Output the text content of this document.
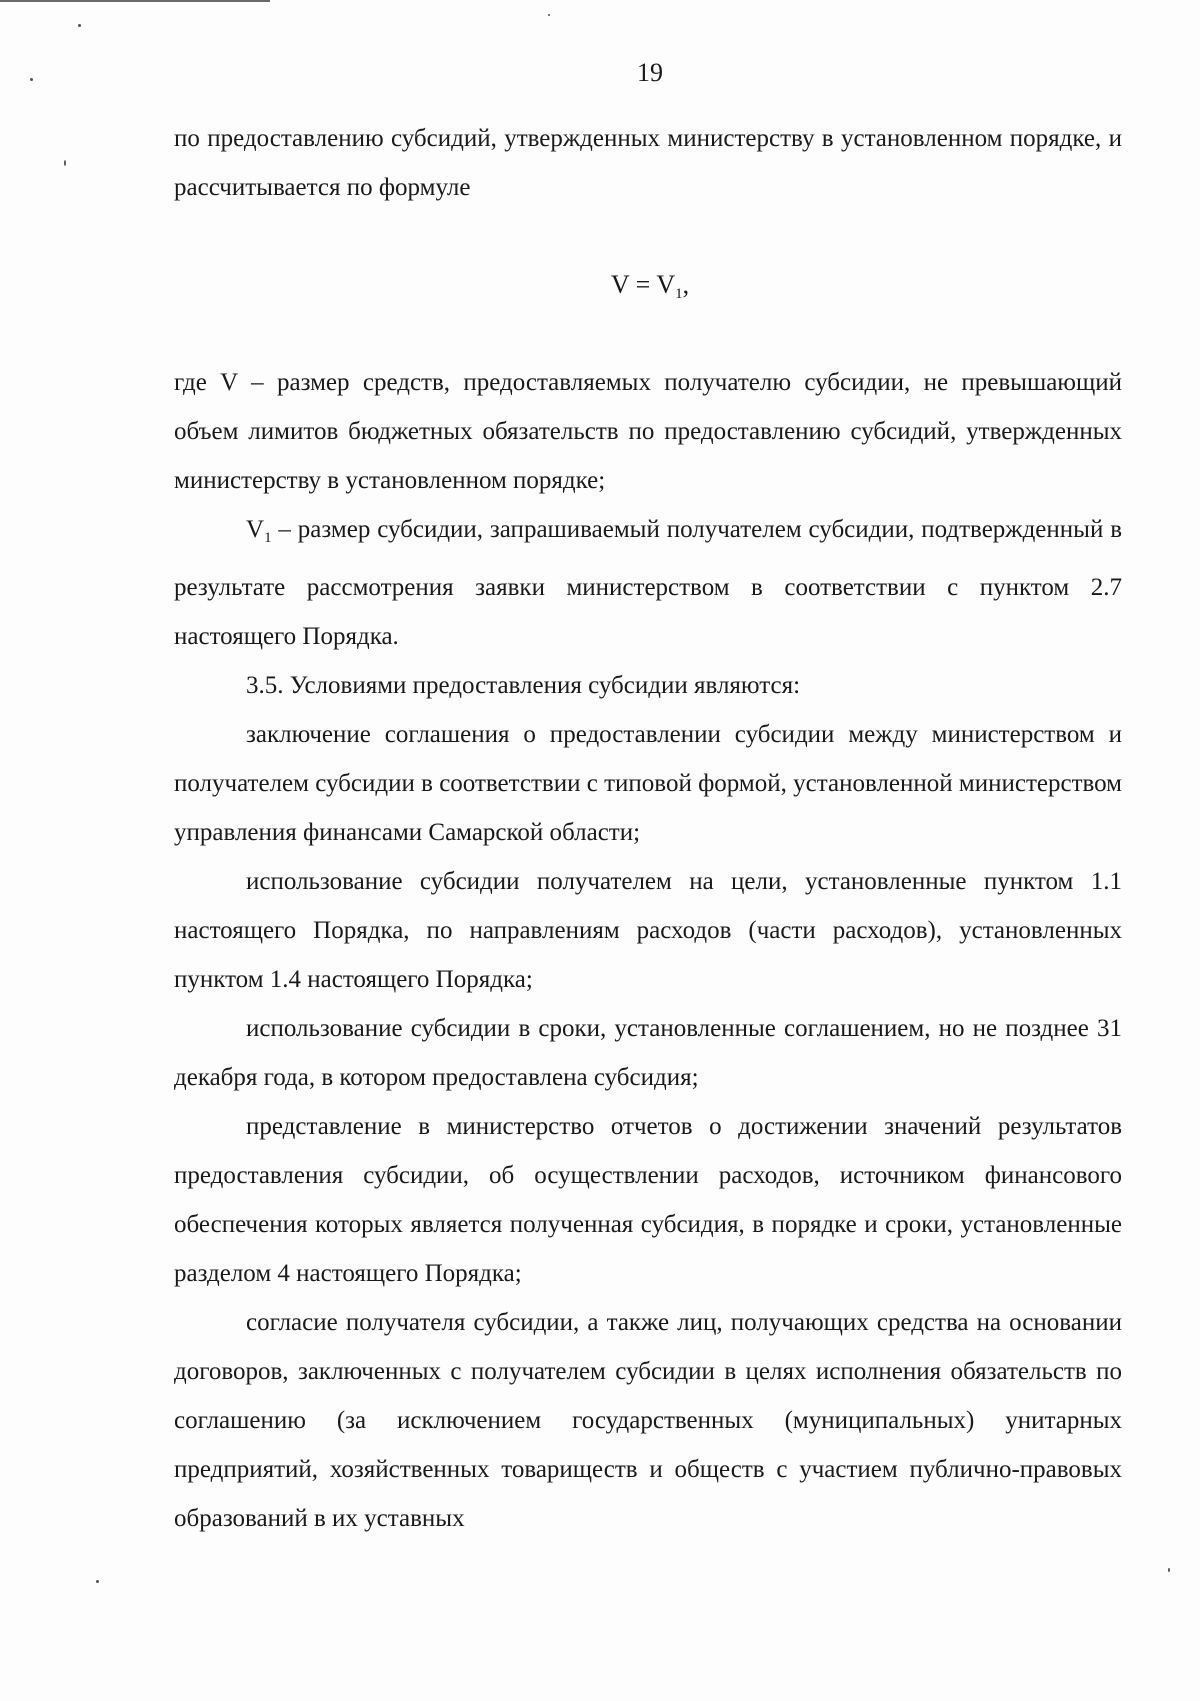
19

по предоставлению субсидий, утвержденных министерству в установленном порядке, и рассчитывается по формуле

$V = V_1$,

где V – размер средств, предоставляемых получателю субсидии, не превышающий объем лимитов бюджетных обязательств по предоставлению субсидий, утвержденных министерству в установленном порядке;

$V_1$ – размер субсидии, запрашиваемый получателем субсидии, подтвержденный в результате рассмотрения заявки министерством в соответствии с пунктом 2.7 настоящего Порядка.

3.5. Условиями предоставления субсидии являются:

заключение соглашения о предоставлении субсидии между министерством и получателем субсидии в соответствии с типовой формой, установленной министерством управления финансами Самарской области;

использование субсидии получателем на цели, установленные пунктом 1.1 настоящего Порядка, по направлениям расходов (части расходов), установленных пунктом 1.4 настоящего Порядка;

использование субсидии в сроки, установленные соглашением, но не позднее 31 декабря года, в котором предоставлена субсидия;

представление в министерство отчетов о достижении значений результатов предоставления субсидии, об осуществлении расходов, источником финансового обеспечения которых является полученная субсидия, в порядке и сроки, установленные разделом 4 настоящего Порядка;

согласие получателя субсидии, а также лиц, получающих средства на основании договоров, заключенных с получателем субсидии в целях исполнения обязательств по соглашению (за исключением государственных (муниципальных) унитарных предприятий, хозяйственных товариществ и обществ с участием публично-правовых образований в их уставных
